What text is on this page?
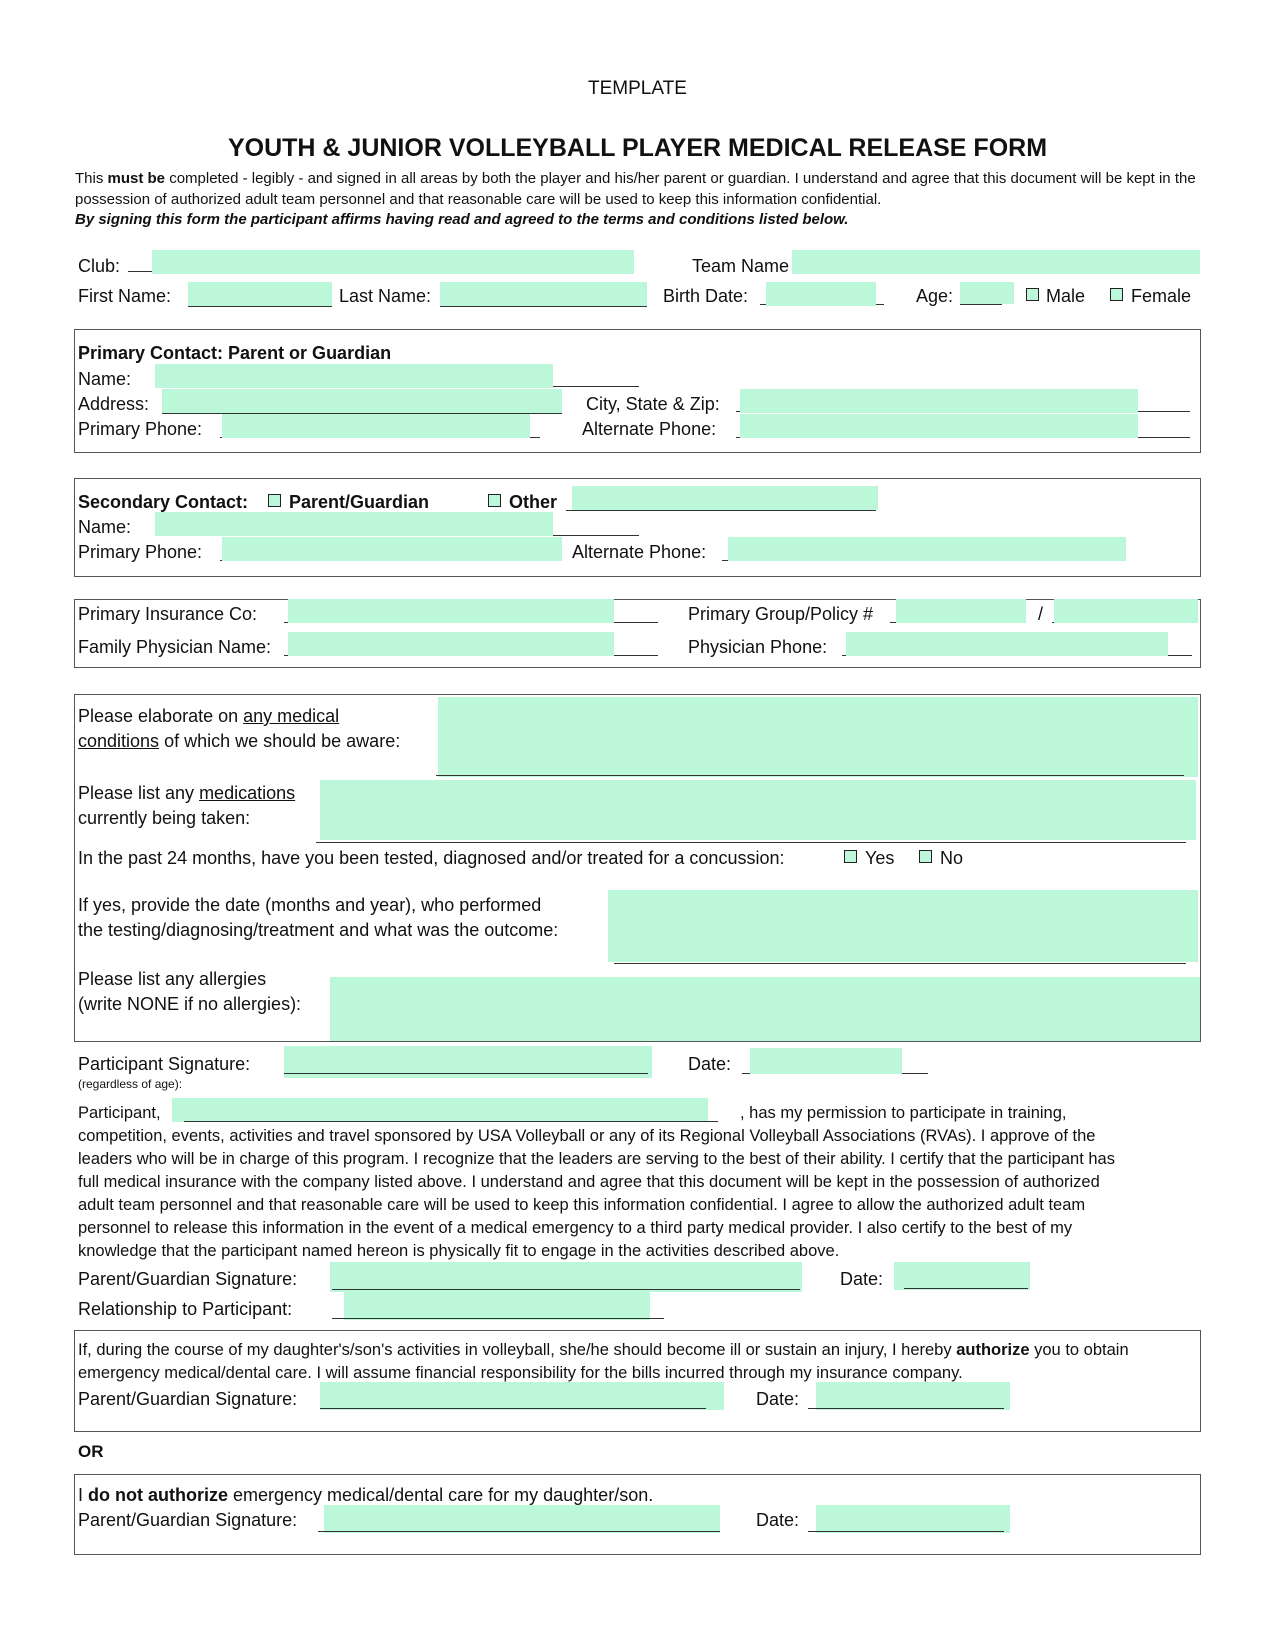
TEMPLATE
YOUTH & JUNIOR VOLLEYBALL PLAYER MEDICAL RELEASE FORM
This must be completed - legibly - and signed in all areas by both the player and his/her parent or guardian. I understand and agree that this document will be kept in the possession of authorized adult team personnel and that reasonable care will be used to keep this information confidential.
By signing this form the participant affirms having read and agreed to the terms and conditions listed below.
Club:	Team Name
First Name:	Last Name:	Birth Date:	Age:	Male	Female
Primary Contact: Parent or Guardian
Name:
Address:	City, State & Zip:
Primary Phone:	Alternate Phone:
Secondary Contact: Parent/Guardian	Other
Name:
Primary Phone:	Alternate Phone:
Primary Insurance Co:	Primary Group/Policy #	/
Family Physician Name:	Physician Phone:
Please elaborate on any medical
conditions of which we should be aware:
Please list any medications
currently being taken:
In the past 24 months, have you been tested, diagnosed and/or treated for a concussion:	Yes	No
If yes, provide the date (months and year), who performed
the testing/diagnosing/treatment and what was the outcome:
Please list any allergies
(write NONE if no allergies):
Participant Signature:
(regardless of age):
Date:
Participant,	, has my permission to participate in training,
competition, events, activities and travel sponsored by USA Volleyball or any of its Regional Volleyball Associations (RVAs). I approve of the
leaders who will be in charge of this program. I recognize that the leaders are serving to the best of their ability. I certify that the participant has
full medical insurance with the company listed above. I understand and agree that this document will be kept in the possession of authorized
adult team personnel and that reasonable care will be used to keep this information confidential. I agree to allow the authorized adult team
personnel to release this information in the event of a medical emergency to a third party medical provider. I also certify to the best of my
knowledge that the participant named hereon is physically fit to engage in the activities described above.
Parent/Guardian Signature:	Date:
Relationship to Participant:
If, during the course of my daughter's/son's activities in volleyball, she/he should become ill or sustain an injury, I hereby authorize you to obtain
emergency medical/dental care. I will assume financial responsibility for the bills incurred through my insurance company.
Parent/Guardian Signature:	Date:
OR
I do not authorize emergency medical/dental care for my daughter/son.
Parent/Guardian Signature:	Date:
